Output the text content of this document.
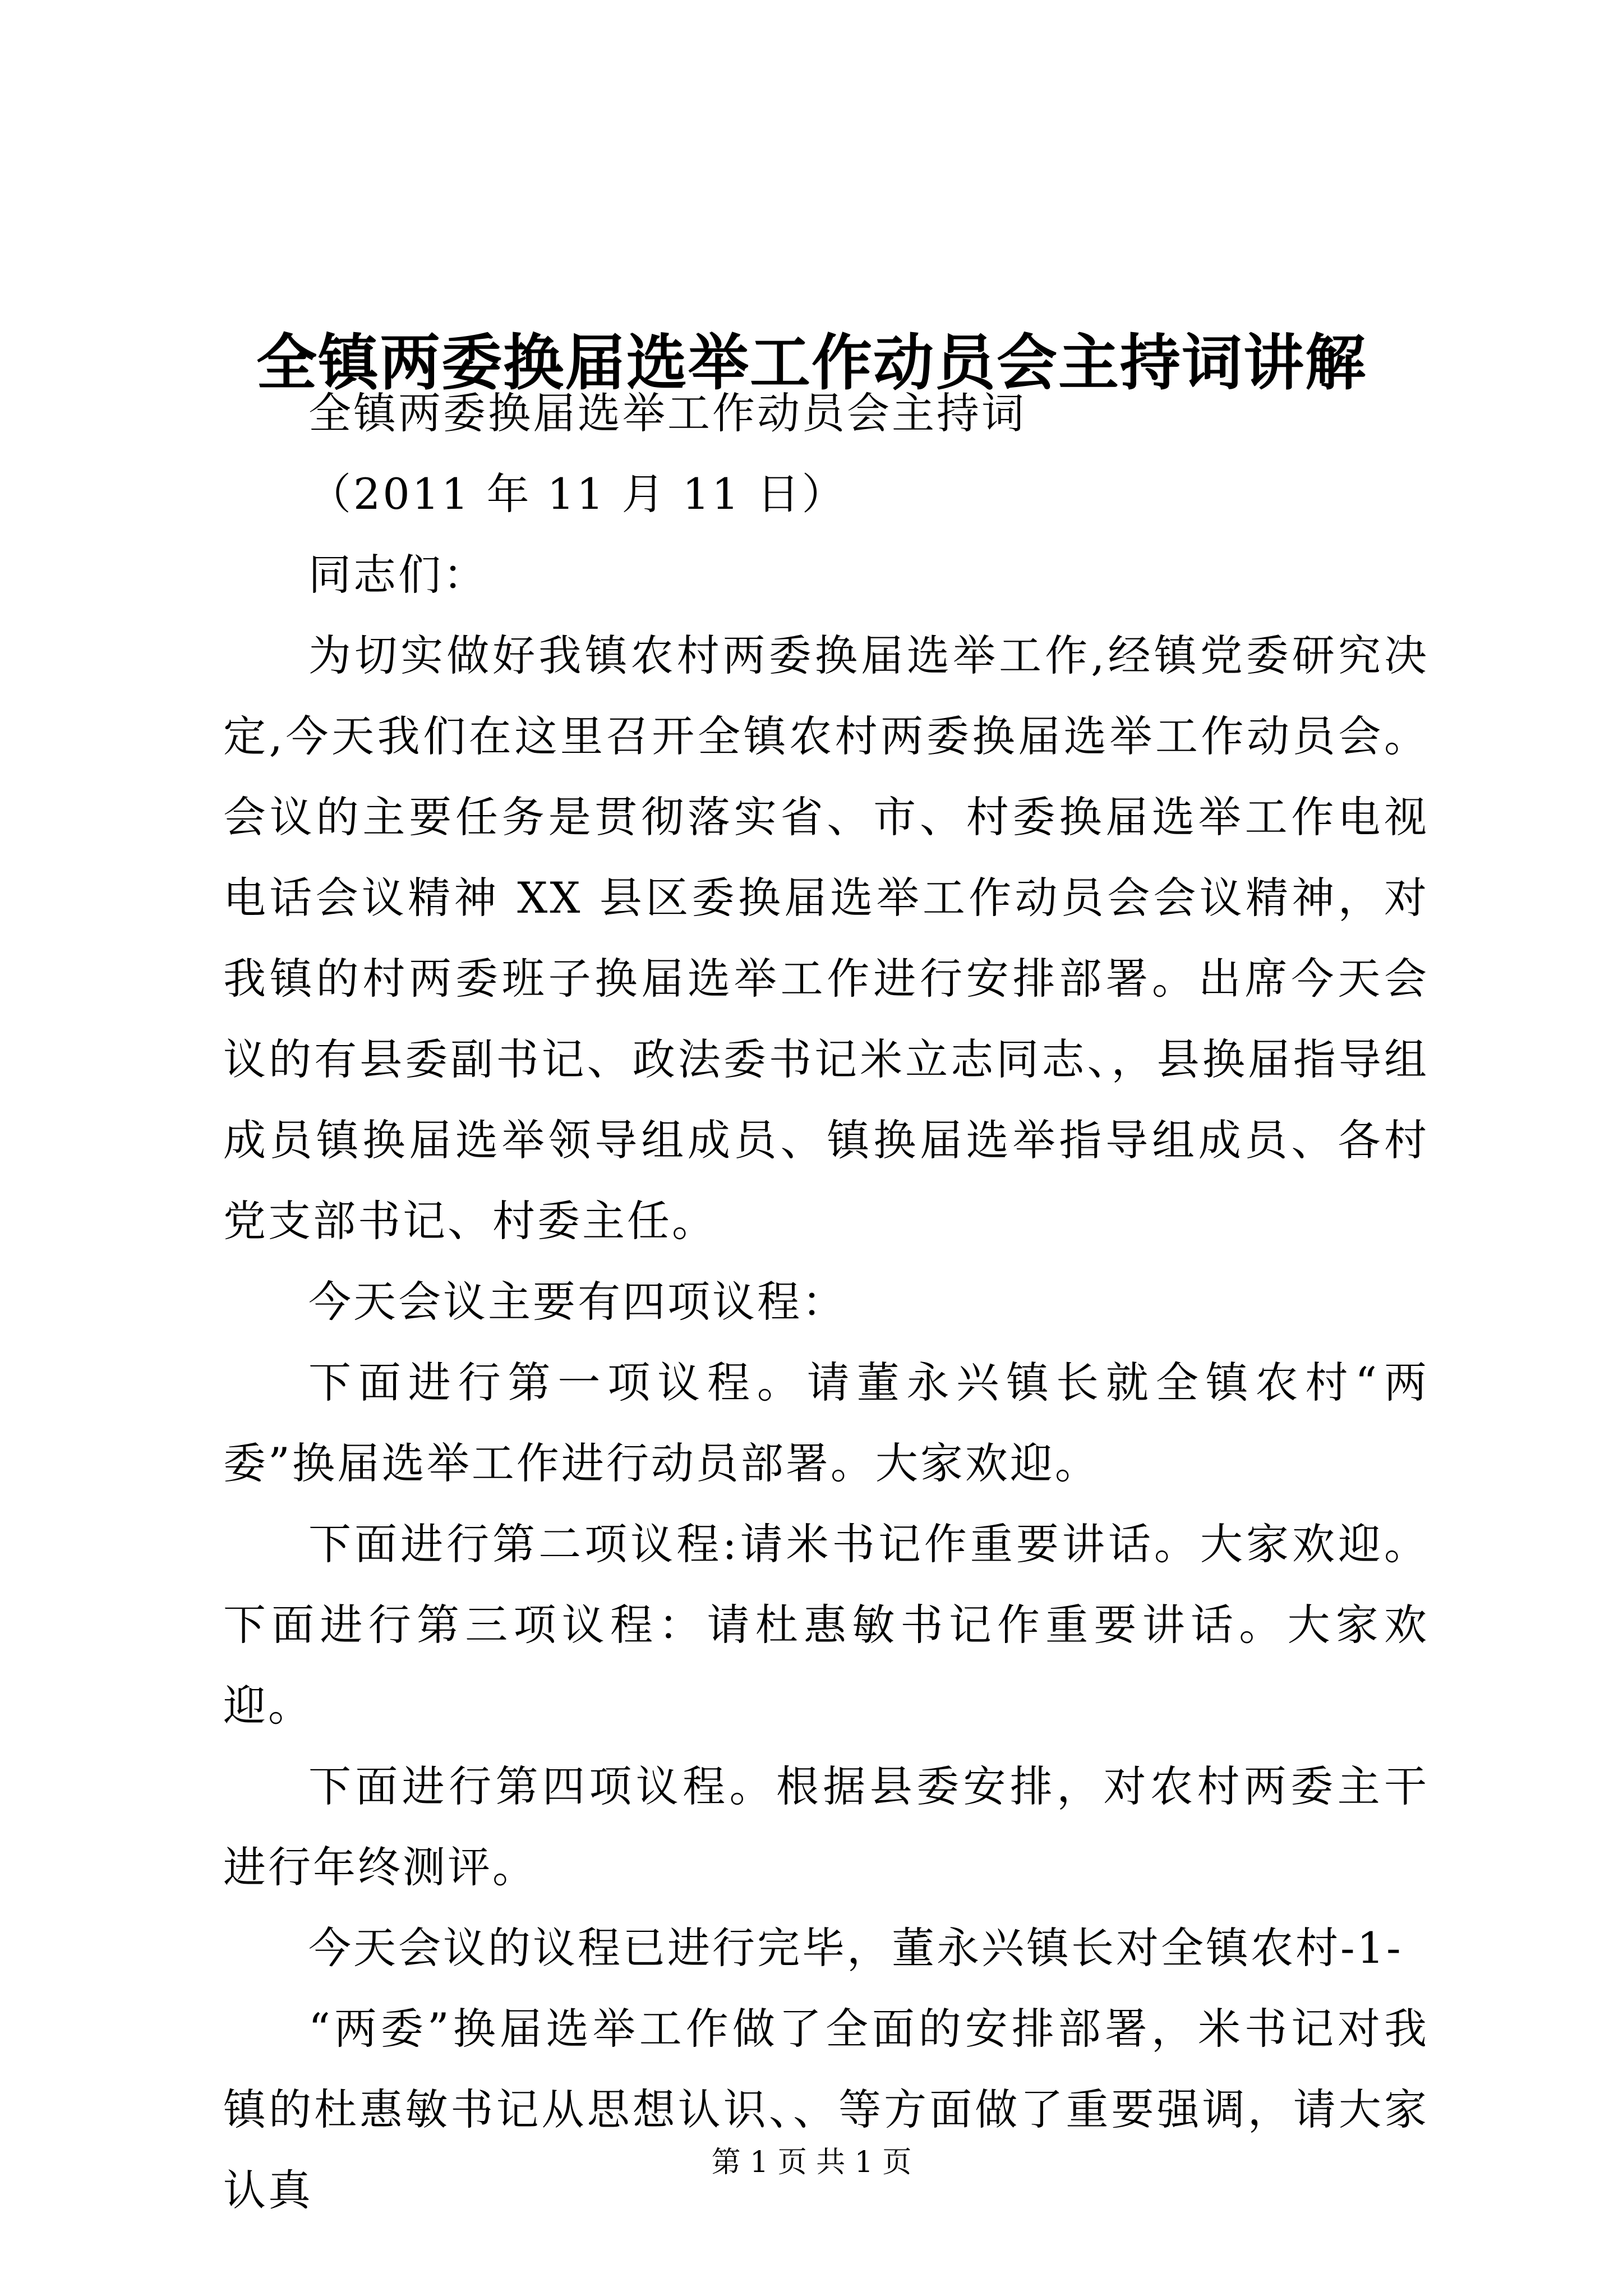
全镇两委换届选举工作动员会主持词讲解

全镇两委换届选举工作动员会主持词

（2011 年 11 月 11 日）

同志们：

为切实做好我镇农村两委换届选举工作,经镇党委研究决定,今天我们在这里召开全镇农村两委换届选举工作动员会。会议的主要任务是贯彻落实省、市、村委换届选举工作电视电话会议精神 XX 县区委换届选举工作动员会会议精神，对我镇的村两委班子换届选举工作进行安排部署。出席今天会议的有县委副书记、政法委书记米立志同志、，县换届指导组成员镇换届选举领导组成员、镇换届选举指导组成员、各村党支部书记、村委主任。

今天会议主要有四项议程：

下面进行第一项议程。请董永兴镇长就全镇农村“两委”换届选举工作进行动员部署。大家欢迎。

下面进行第二项议程:请米书记作重要讲话。大家欢迎。下面进行第三项议程：请杜惠敏书记作重要讲话。大家欢迎。

下面进行第四项议程。根据县委安排，对农村两委主干进行年终测评。

今天会议的议程已进行完毕，董永兴镇长对全镇农村-1-

“两委”换届选举工作做了全面的安排部署，米书记对我镇的杜惠敏书记从思想认识、、等方面做了重要强调，请大家认真

第 1 页 共 1 页
